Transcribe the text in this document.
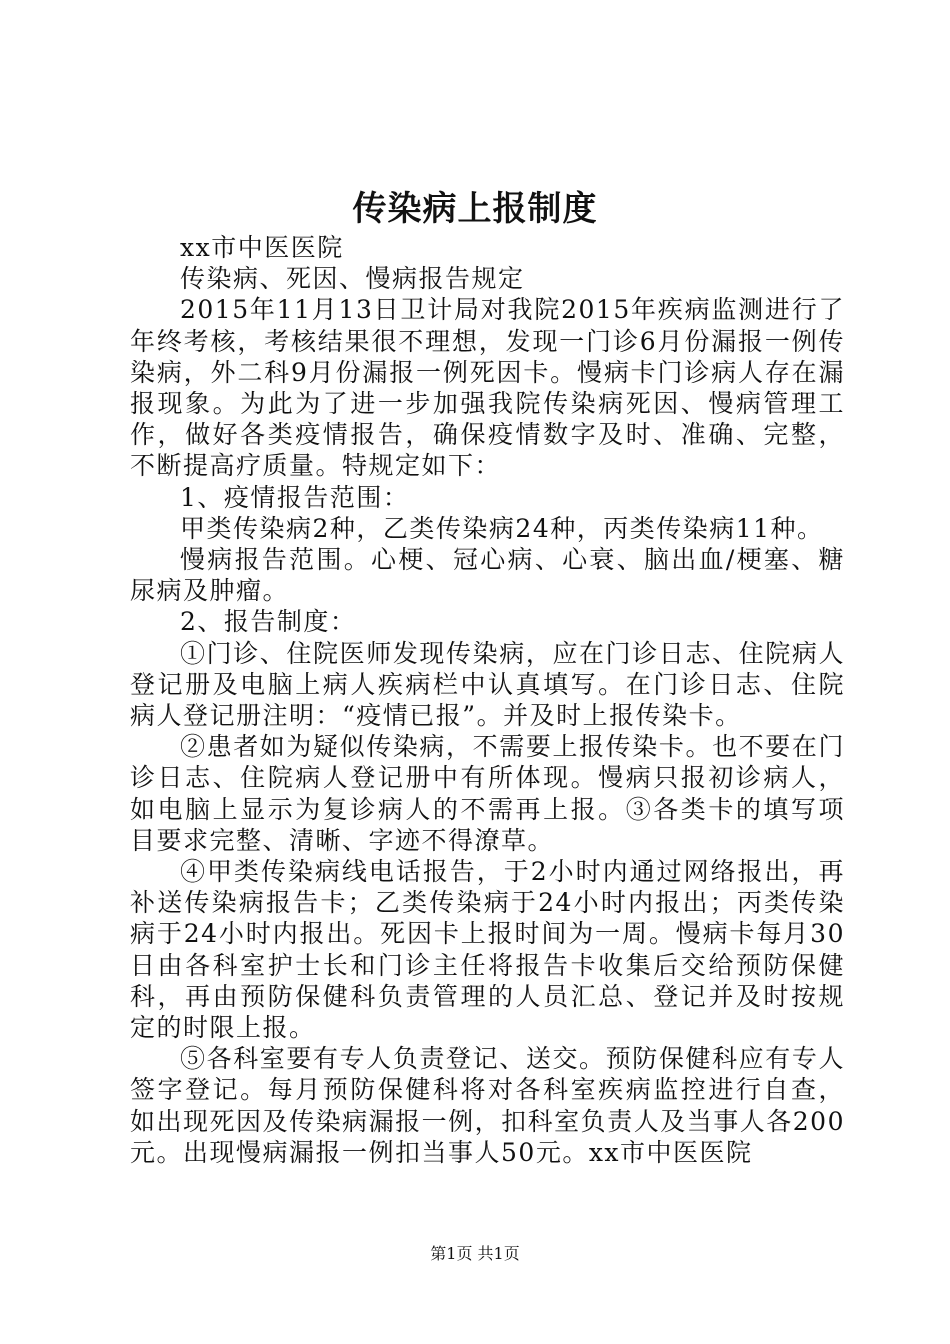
传染病上报制度

xx市中医医院

传染病、死因、慢病报告规定

2015年11月13日卫计局对我院2015年疾病监测进行了年终考核，考核结果很不理想，发现一门诊6月份漏报一例传染病，外二科9月份漏报一例死因卡。慢病卡门诊病人存在漏报现象。为此为了进一步加强我院传染病死因、慢病管理工作，做好各类疫情报告，确保疫情数字及时、准确、完整，不断提高疗质量。特规定如下：

1、疫情报告范围：

甲类传染病2种，乙类传染病24种，丙类传染病11种。

慢病报告范围。心梗、冠心病、心衰、脑出血/梗塞、糖尿病及肿瘤。

2、报告制度：

①门诊、住院医师发现传染病，应在门诊日志、住院病人登记册及电脑上病人疾病栏中认真填写。在门诊日志、住院病人登记册注明：“疫情已报”。并及时上报传染卡。

②患者如为疑似传染病，不需要上报传染卡。也不要在门诊日志、住院病人登记册中有所体现。慢病只报初诊病人，如电脑上显示为复诊病人的不需再上报。③各类卡的填写项目要求完整、清晰、字迹不得潦草。

④甲类传染病线电话报告，于2小时内通过网络报出，再补送传染病报告卡；乙类传染病于24小时内报出；丙类传染病于24小时内报出。死因卡上报时间为一周。慢病卡每月30日由各科室护士长和门诊主任将报告卡收集后交给预防保健科，再由预防保健科负责管理的人员汇总、登记并及时按规定的时限上报。

⑤各科室要有专人负责登记、送交。预防保健科应有专人签字登记。每月预防保健科将对各科室疾病监控进行自查，如出现死因及传染病漏报一例，扣科室负责人及当事人各200元。出现慢病漏报一例扣当事人50元。xx市中医医院

第1页 共1页
